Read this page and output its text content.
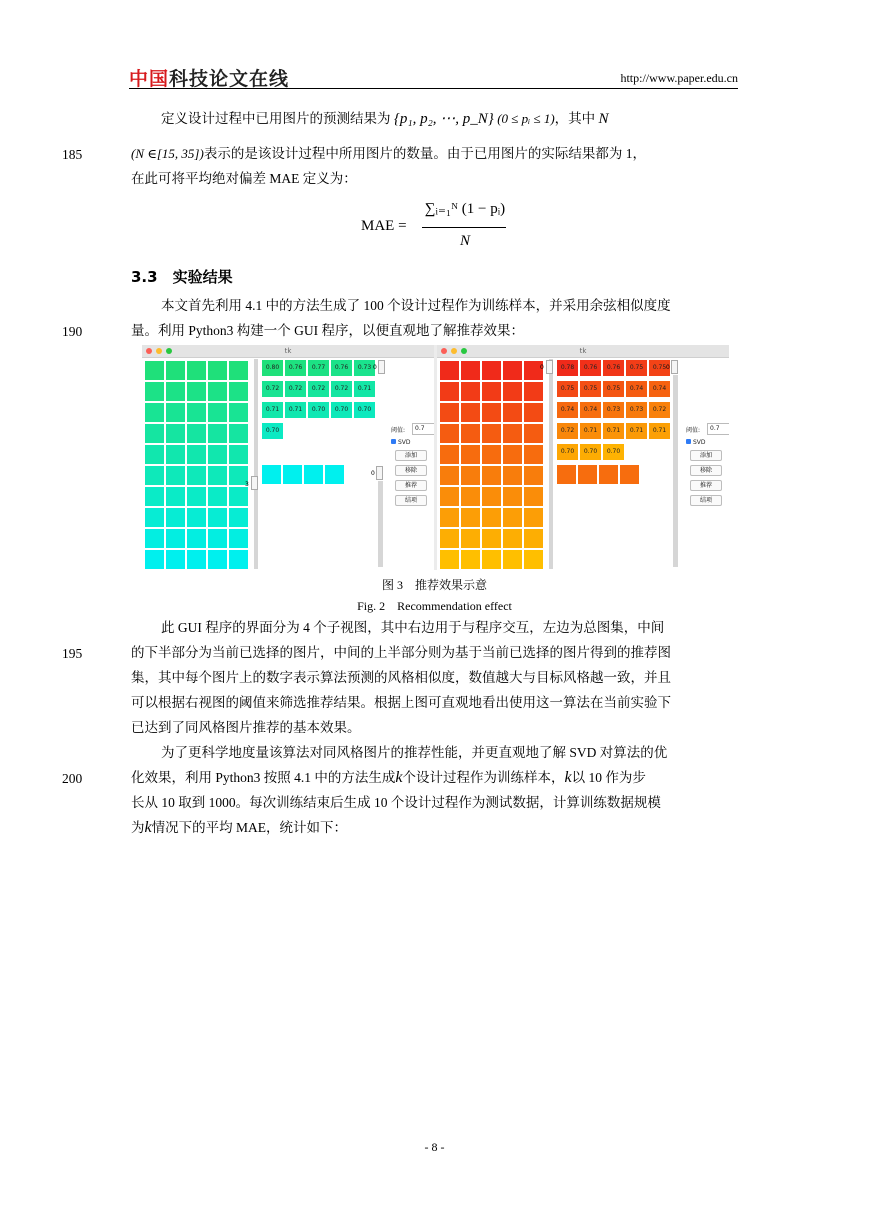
中国科技论文在线	http://www.paper.edu.cn
定义设计过程中已用图片的预测结果为 {p₁, p₂, ⋯, p_N} (0 ≤ pᵢ ≤ 1)，其中 N
185	(N ∈[15, 35])表示的是该设计过程中所用图片的数量。由于已用图片的实际结果都为 1，
在此可将平均绝对偏差 MAE 定义为：
MAE =
∑ᵢ₌₁ᴺ (1 − pᵢ)
N
3.3　实验结果
本文首先利用 4.1 中的方法生成了 100 个设计过程作为训练样本，并采用余弦相似度度
190	量。利用 Python3 构建一个 GUI 程序，以便直观地了解推荐效果：
tk
0.80	0.76	0.77	0.76	0.73
0.72	0.72	0.72	0.72	0.71
0.71	0.71	0.70	0.70	0.70
0.70
3
0
0
阈值:	0.7
SVD
添加
移除
推荐
结项
tk
0.78	0.76	0.76	0.75	0.75
0.75	0.75	0.75	0.74	0.74
0.74	0.74	0.73	0.73	0.72
0.72	0.71	0.71	0.71	0.71
0.70	0.70	0.70
0	0
阈值:	0.7
SVD
添加
移除
推荐
结项
图 3　推荐效果示意
Fig. 2　Recommendation effect
此 GUI 程序的界面分为 4 个子视图，其中右边用于与程序交互，左边为总图集，中间
195	的下半部分为当前已选择的图片，中间的上半部分则为基于当前已选择的图片得到的推荐图
集，其中每个图片上的数字表示算法预测的风格相似度，数值越大与目标风格越一致，并且
可以根据右视图的阈值来筛选推荐结果。根据上图可直观地看出使用这一算法在当前实验下
已达到了同风格图片推荐的基本效果。
为了更科学地度量该算法对同风格图片的推荐性能，并更直观地了解 SVD 对算法的优
200	化效果，利用 Python3 按照 4.1 中的方法生成k个设计过程作为训练样本，k以 10 作为步
长从 10 取到 1000。每次训练结束后生成 10 个设计过程作为测试数据，计算训练数据规模
为k情况下的平均 MAE，统计如下：
- 8 -
